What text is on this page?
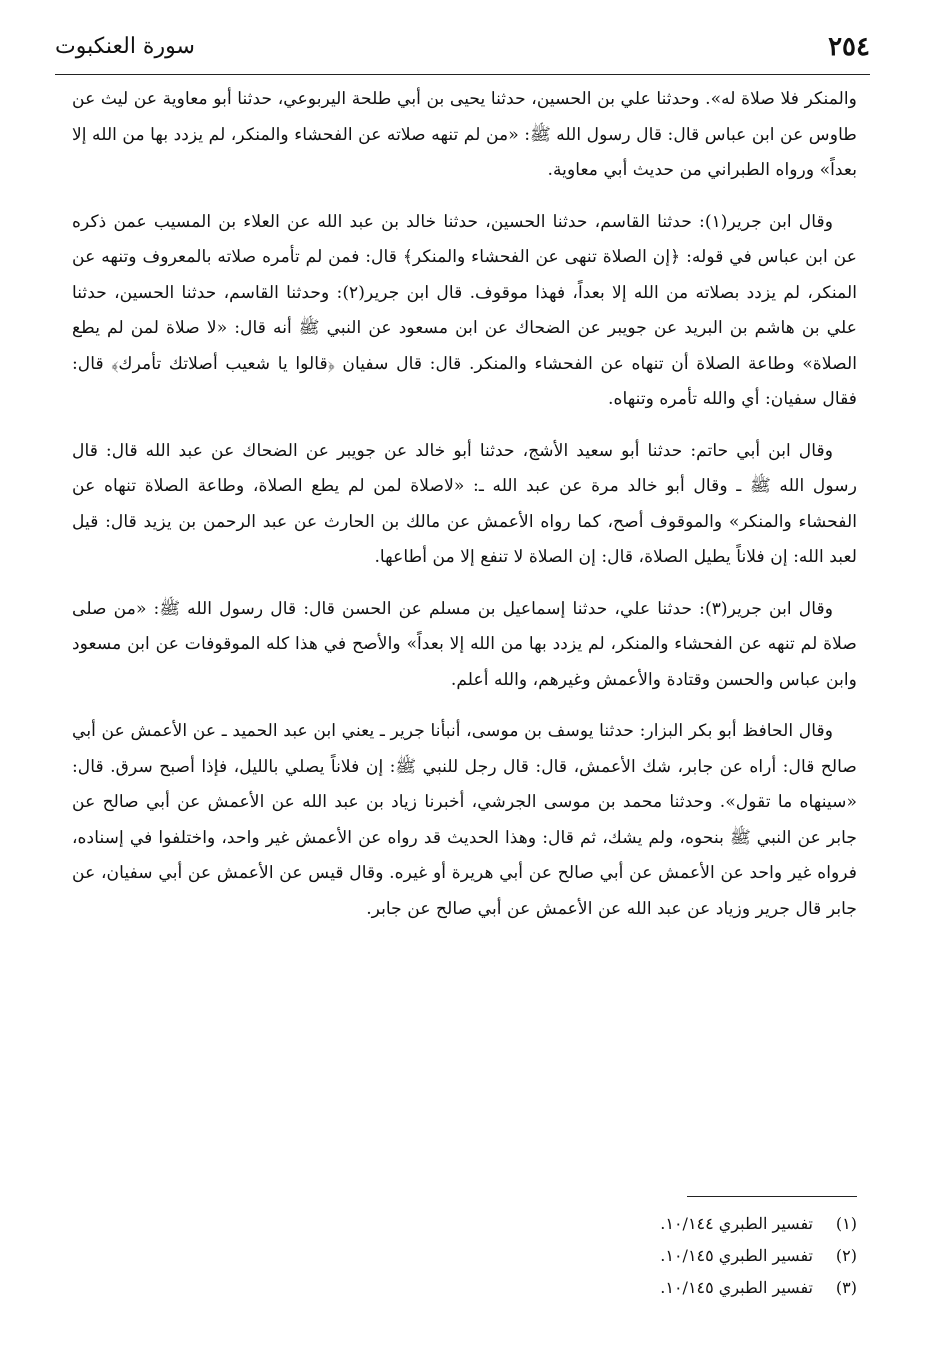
سورة العنكبوت	٢٥٤

والمنكر فلا صلاة له». وحدثنا علي بن الحسين، حدثنا يحيى بن أبي طلحة اليربوعي، حدثنا أبو معاوية عن ليث عن طاوس عن ابن عباس قال: قال رسول الله ﷺ: «من لم تنهه صلاته عن الفحشاء والمنكر، لم يزدد بها من الله إلا بعداً» ورواه الطبراني من حديث أبي معاوية.

وقال ابن جرير(١): حدثنا القاسم، حدثنا الحسين، حدثنا خالد بن عبد الله عن العلاء بن المسيب عمن ذكره عن ابن عباس في قوله: ﴿إن الصلاة تنهى عن الفحشاء والمنكر﴾ قال: فمن لم تأمره صلاته بالمعروف وتنهه عن المنكر، لم يزدد بصلاته من الله إلا بعداً، فهذا موقوف. قال ابن جرير(٢): وحدثنا القاسم، حدثنا الحسين، حدثنا علي بن هاشم بن البريد عن جويبر عن الضحاك عن ابن مسعود عن النبي ﷺ أنه قال: «لا صلاة لمن لم يطع الصلاة» وطاعة الصلاة أن تنهاه عن الفحشاء والمنكر. قال: قال سفيان ﴿قالوا يا شعيب أصلاتك تأمرك﴾ قال: فقال سفيان: أي والله تأمره وتنهاه.

وقال ابن أبي حاتم: حدثنا أبو سعيد الأشج، حدثنا أبو خالد عن جويبر عن الضحاك عن عبد الله قال: قال رسول الله ﷺ ـ وقال أبو خالد مرة عن عبد الله ـ: «لاصلاة لمن لم يطع الصلاة، وطاعة الصلاة تنهاه عن الفحشاء والمنكر» والموقوف أصح، كما رواه الأعمش عن مالك بن الحارث عن عبد الرحمن بن يزيد قال: قيل لعبد الله: إن فلاناً يطيل الصلاة، قال: إن الصلاة لا تنفع إلا من أطاعها.

وقال ابن جرير(٣): حدثنا علي، حدثنا إسماعيل بن مسلم عن الحسن قال: قال رسول الله ﷺ: «من صلى صلاة لم تنهه عن الفحشاء والمنكر، لم يزدد بها من الله إلا بعداً» والأصح في هذا كله الموقوفات عن ابن مسعود وابن عباس والحسن وقتادة والأعمش وغيرهم، والله أعلم.

وقال الحافظ أبو بكر البزار: حدثنا يوسف بن موسى، أنبأنا جرير ـ يعني ابن عبد الحميد ـ عن الأعمش عن أبي صالح قال: أراه عن جابر، شك الأعمش، قال: قال رجل للنبي ﷺ: إن فلاناً يصلي بالليل، فإذا أصبح سرق. قال: «سينهاه ما تقول». وحدثنا محمد بن موسى الجرشي، أخبرنا زياد بن عبد الله عن الأعمش عن أبي صالح عن جابر عن النبي ﷺ بنحوه، ولم يشك، ثم قال: وهذا الحديث قد رواه عن الأعمش غير واحد، واختلفوا في إسناده، فرواه غير واحد عن الأعمش عن أبي صالح عن أبي هريرة أو غيره. وقال قيس عن الأعمش عن أبي سفيان، عن جابر قال جرير وزياد عن عبد الله عن الأعمش عن أبي صالح عن جابر.

(١)
تفسير الطبري ١٠/١٤٤.
(٢)
تفسير الطبري ١٠/١٤٥.
(٣)
تفسير الطبري ١٠/١٤٥.
